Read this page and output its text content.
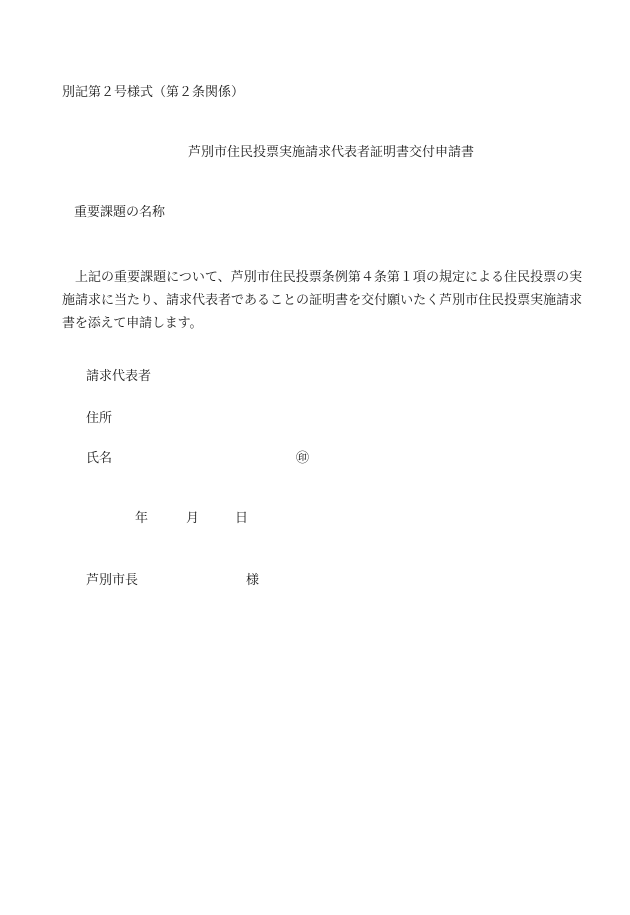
別記第２号様式（第２条関係）
芦別市住民投票実施請求代表者証明書交付申請書
重要課題の名称
上記の重要課題について、芦別市住民投票条例第４条第１項の規定による住民投票の実施請求に当たり、請求代表者であることの証明書を交付願いたく芦別市住民投票実施請求書を添えて申請します。
請求代表者
住所
氏名	㊞
年	月	日
芦別市長	様
